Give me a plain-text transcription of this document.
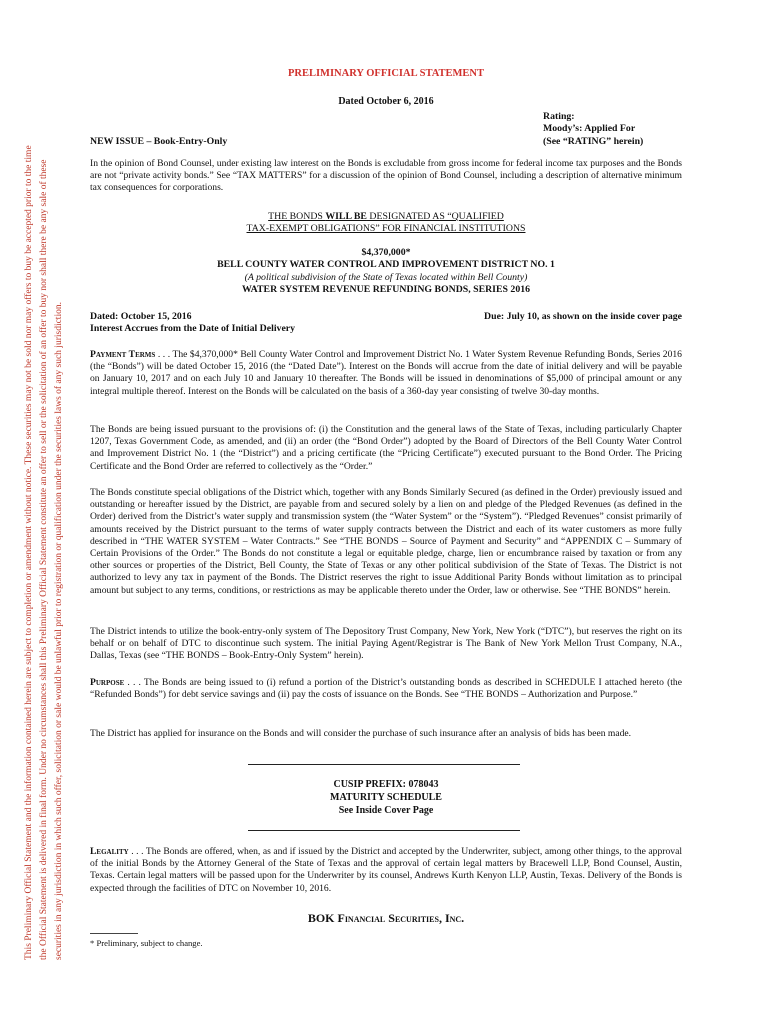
This Preliminary Official Statement and the information contained herein are subject to completion or amendment without notice. These securities may not be sold nor may offers to buy be accepted prior to the time the Official Statement is delivered in final form. Under no circumstances shall this Preliminary Official Statement constitute an offer to sell or the solicitation of an offer to buy nor shall there be any sale of these securities in any jurisdiction in which such offer, solicitation or sale would be unlawful prior to registration or qualification under the securities laws of any such jurisdiction.
PRELIMINARY OFFICIAL STATEMENT
Dated October 6, 2016
Rating:
Moody’s: Applied For
(See “RATING” herein)
NEW ISSUE – Book-Entry-Only
In the opinion of Bond Counsel, under existing law interest on the Bonds is excludable from gross income for federal income tax purposes and the Bonds are not “private activity bonds.” See “TAX MATTERS” for a discussion of the opinion of Bond Counsel, including a description of alternative minimum tax consequences for corporations.
THE BONDS WILL BE DESIGNATED AS “QUALIFIED
TAX-EXEMPT OBLIGATIONS” FOR FINANCIAL INSTITUTIONS
$4,370,000*
BELL COUNTY WATER CONTROL AND IMPROVEMENT DISTRICT NO. 1
(A political subdivision of the State of Texas located within Bell County)
WATER SYSTEM REVENUE REFUNDING BONDS, SERIES 2016
Dated: October 15, 2016
Interest Accrues from the Date of Initial Delivery
Due: July 10, as shown on the inside cover page
Payment Terms . . . The $4,370,000* Bell County Water Control and Improvement District No. 1 Water System Revenue Refunding Bonds, Series 2016 (the “Bonds”) will be dated October 15, 2016 (the “Dated Date”). Interest on the Bonds will accrue from the date of initial delivery and will be payable on January 10, 2017 and on each July 10 and January 10 thereafter. The Bonds will be issued in denominations of $5,000 of principal amount or any integral multiple thereof. Interest on the Bonds will be calculated on the basis of a 360-day year consisting of twelve 30-day months.
The Bonds are being issued pursuant to the provisions of: (i) the Constitution and the general laws of the State of Texas, including particularly Chapter 1207, Texas Government Code, as amended, and (ii) an order (the “Bond Order”) adopted by the Board of Directors of the Bell County Water Control and Improvement District No. 1 (the “District”) and a pricing certificate (the “Pricing Certificate”) executed pursuant to the Bond Order. The Pricing Certificate and the Bond Order are referred to collectively as the “Order.”
The Bonds constitute special obligations of the District which, together with any Bonds Similarly Secured (as defined in the Order) previously issued and outstanding or hereafter issued by the District, are payable from and secured solely by a lien on and pledge of the Pledged Revenues (as defined in the Order) derived from the District’s water supply and transmission system (the “Water System” or the “System”). “Pledged Revenues” consist primarily of amounts received by the District pursuant to the terms of water supply contracts between the District and each of its water customers as more fully described in “THE WATER SYSTEM – Water Contracts.” See “THE BONDS – Source of Payment and Security” and “APPENDIX C – Summary of Certain Provisions of the Order.” The Bonds do not constitute a legal or equitable pledge, charge, lien or encumbrance raised by taxation or from any other sources or properties of the District, Bell County, the State of Texas or any other political subdivision of the State of Texas. The District is not authorized to levy any tax in payment of the Bonds. The District reserves the right to issue Additional Parity Bonds without limitation as to principal amount but subject to any terms, conditions, or restrictions as may be applicable thereto under the Order, law or otherwise. See “THE BONDS” herein.
The District intends to utilize the book-entry-only system of The Depository Trust Company, New York, New York (“DTC”), but reserves the right on its behalf or on behalf of DTC to discontinue such system. The initial Paying Agent/Registrar is The Bank of New York Mellon Trust Company, N.A., Dallas, Texas (see “THE BONDS – Book-Entry-Only System” herein).
Purpose . . . The Bonds are being issued to (i) refund a portion of the District’s outstanding bonds as described in SCHEDULE I attached hereto (the “Refunded Bonds”) for debt service savings and (ii) pay the costs of issuance on the Bonds. See “THE BONDS – Authorization and Purpose.”
The District has applied for insurance on the Bonds and will consider the purchase of such insurance after an analysis of bids has been made.
CUSIP PREFIX: 078043
MATURITY SCHEDULE
See Inside Cover Page
Legality . . . The Bonds are offered, when, as and if issued by the District and accepted by the Underwriter, subject, among other things, to the approval of the initial Bonds by the Attorney General of the State of Texas and the approval of certain legal matters by Bracewell LLP, Bond Counsel, Austin, Texas. Certain legal matters will be passed upon for the Underwriter by its counsel, Andrews Kurth Kenyon LLP, Austin, Texas. Delivery of the Bonds is expected through the facilities of DTC on November 10, 2016.
BOK Financial Securities, Inc.
* Preliminary, subject to change.
